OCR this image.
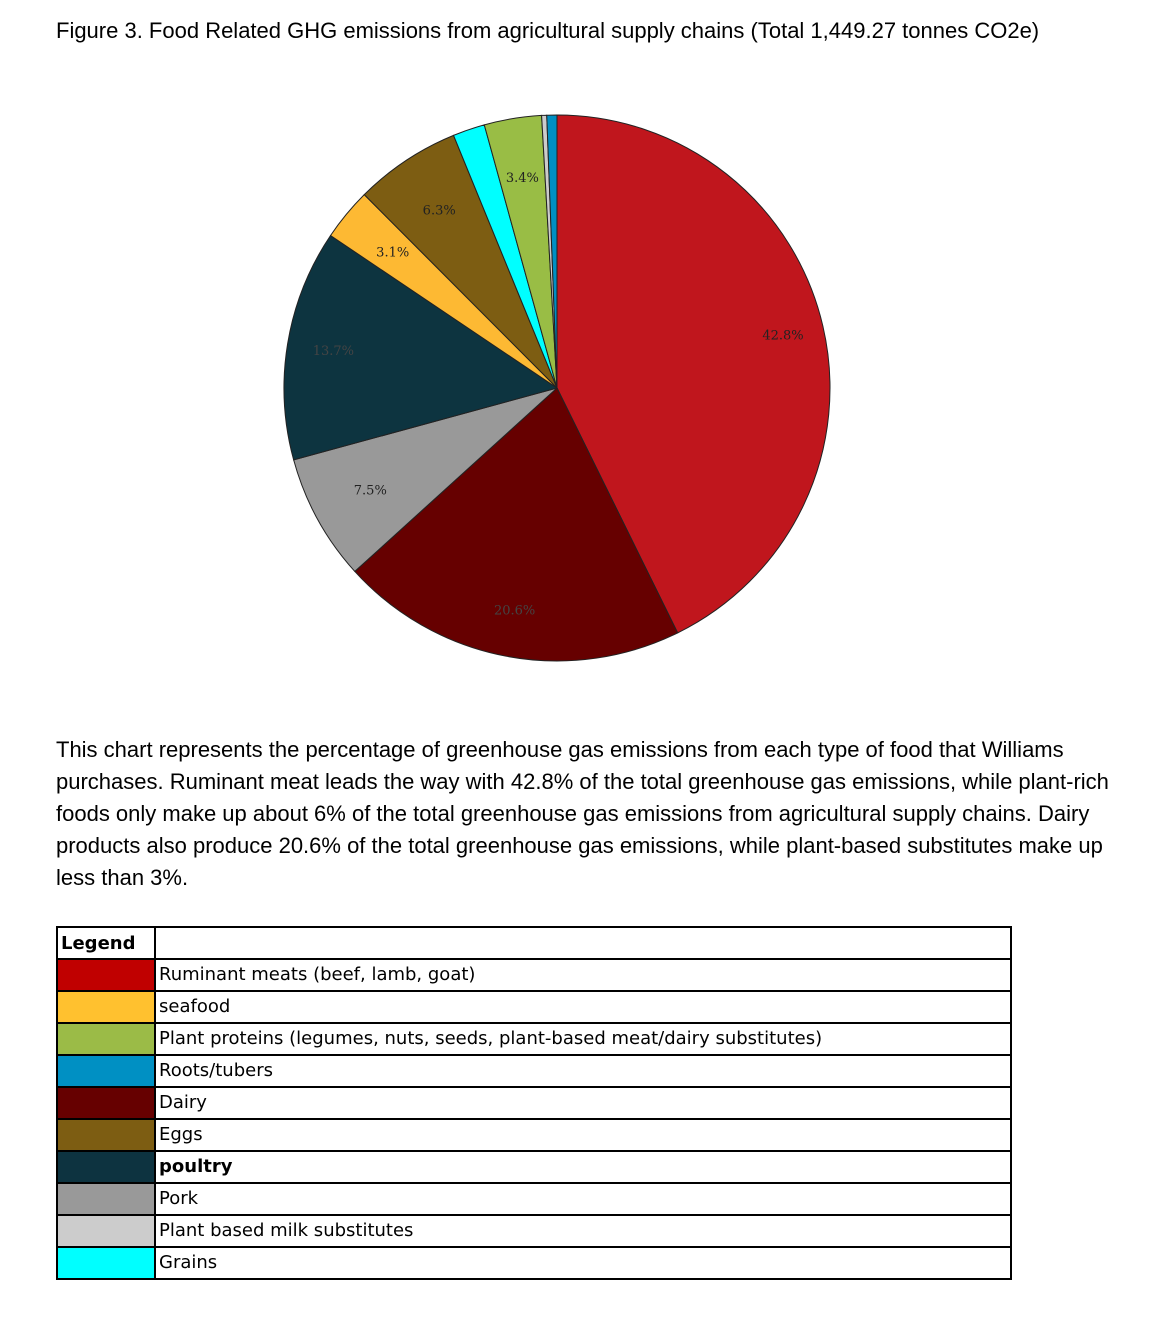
Figure 3. Food Related GHG emissions from agricultural supply chains (Total 1,449.27 tonnes CO2e)
42.8%
20.6%
7.5%
13.7%
3.1%
6.3%
3.4%
This chart represents the percentage of greenhouse gas emissions from each type of food that Williams purchases. Ruminant meat leads the way with 42.8% of the total greenhouse gas emissions, while plant-rich foods only make up about 6% of the total greenhouse gas emissions from agricultural supply chains. Dairy products also produce 20.6% of the total greenhouse gas emissions, while plant-based substitutes make up less than 3%.
Legend	
	Ruminant meats (beef, lamb, goat)
	seafood
	Plant proteins (legumes, nuts, seeds, plant-based meat/dairy substitutes)
	Roots/tubers
	Dairy
	Eggs
	poultry
	Pork
	Plant based milk substitutes
	Grains
